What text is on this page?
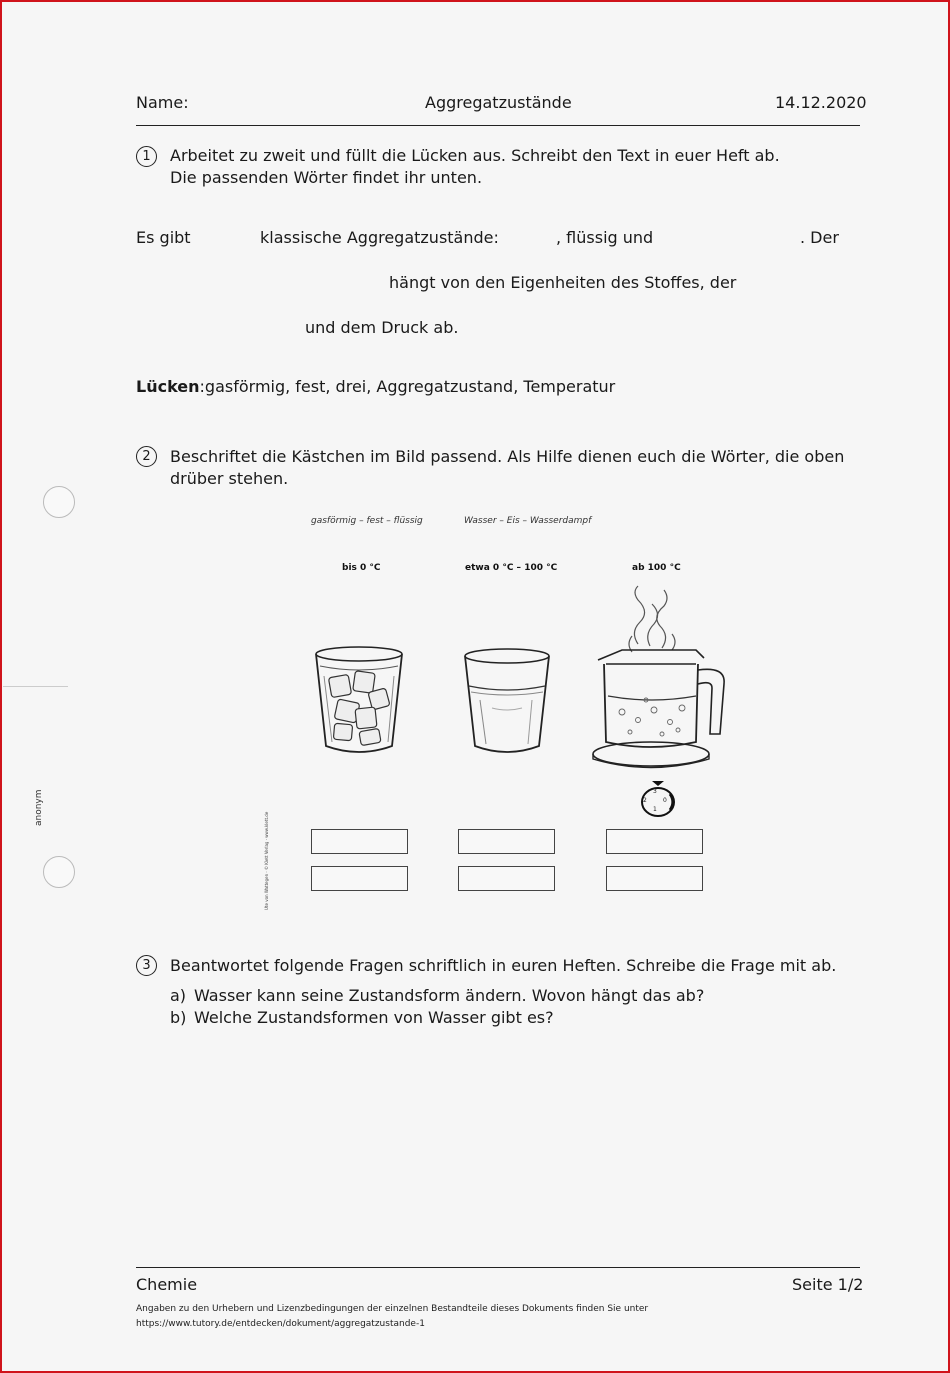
anonym
Name:	Aggregatzustände	14.12.2020
1	Arbeitet zu zweit und füllt die Lücken aus. Schreibt den Text in euer Heft ab.
Die passenden Wörter findet ihr unten.
Es gibt	klassische Aggregatzustände:	, flüssig und	. Der
hängt von den Eigenheiten des Stoffes, der
und dem Druck ab.
Lücken:gasförmig, fest, drei, Aggregatzustand, Temperatur
2	Beschriftet die Kästchen im Bild passend. Als Hilfe dienen euch die Wörter, die oben
drüber stehen.
gasförmig – fest – flüssig	Wasser – Eis – Wasserdampf
bis 0 °C	etwa 0 °C – 100 °C	ab 100 °C
Ute von Wattegen · © Klett Verlag · www.klett.de
3
2	0
1
3	Beantwortet folgende Fragen schriftlich in euren Heften. Schreibe die Frage mit ab.
a) Wasser kann seine Zustandsform ändern. Wovon hängt das ab?
b) Welche Zustandsformen von Wasser gibt es?
Chemie	Seite 1/2
Angaben zu den Urhebern und Lizenzbedingungen der einzelnen Bestandteile dieses Dokuments finden Sie unter
https://www.tutory.de/entdecken/dokument/aggregatzustande-1
